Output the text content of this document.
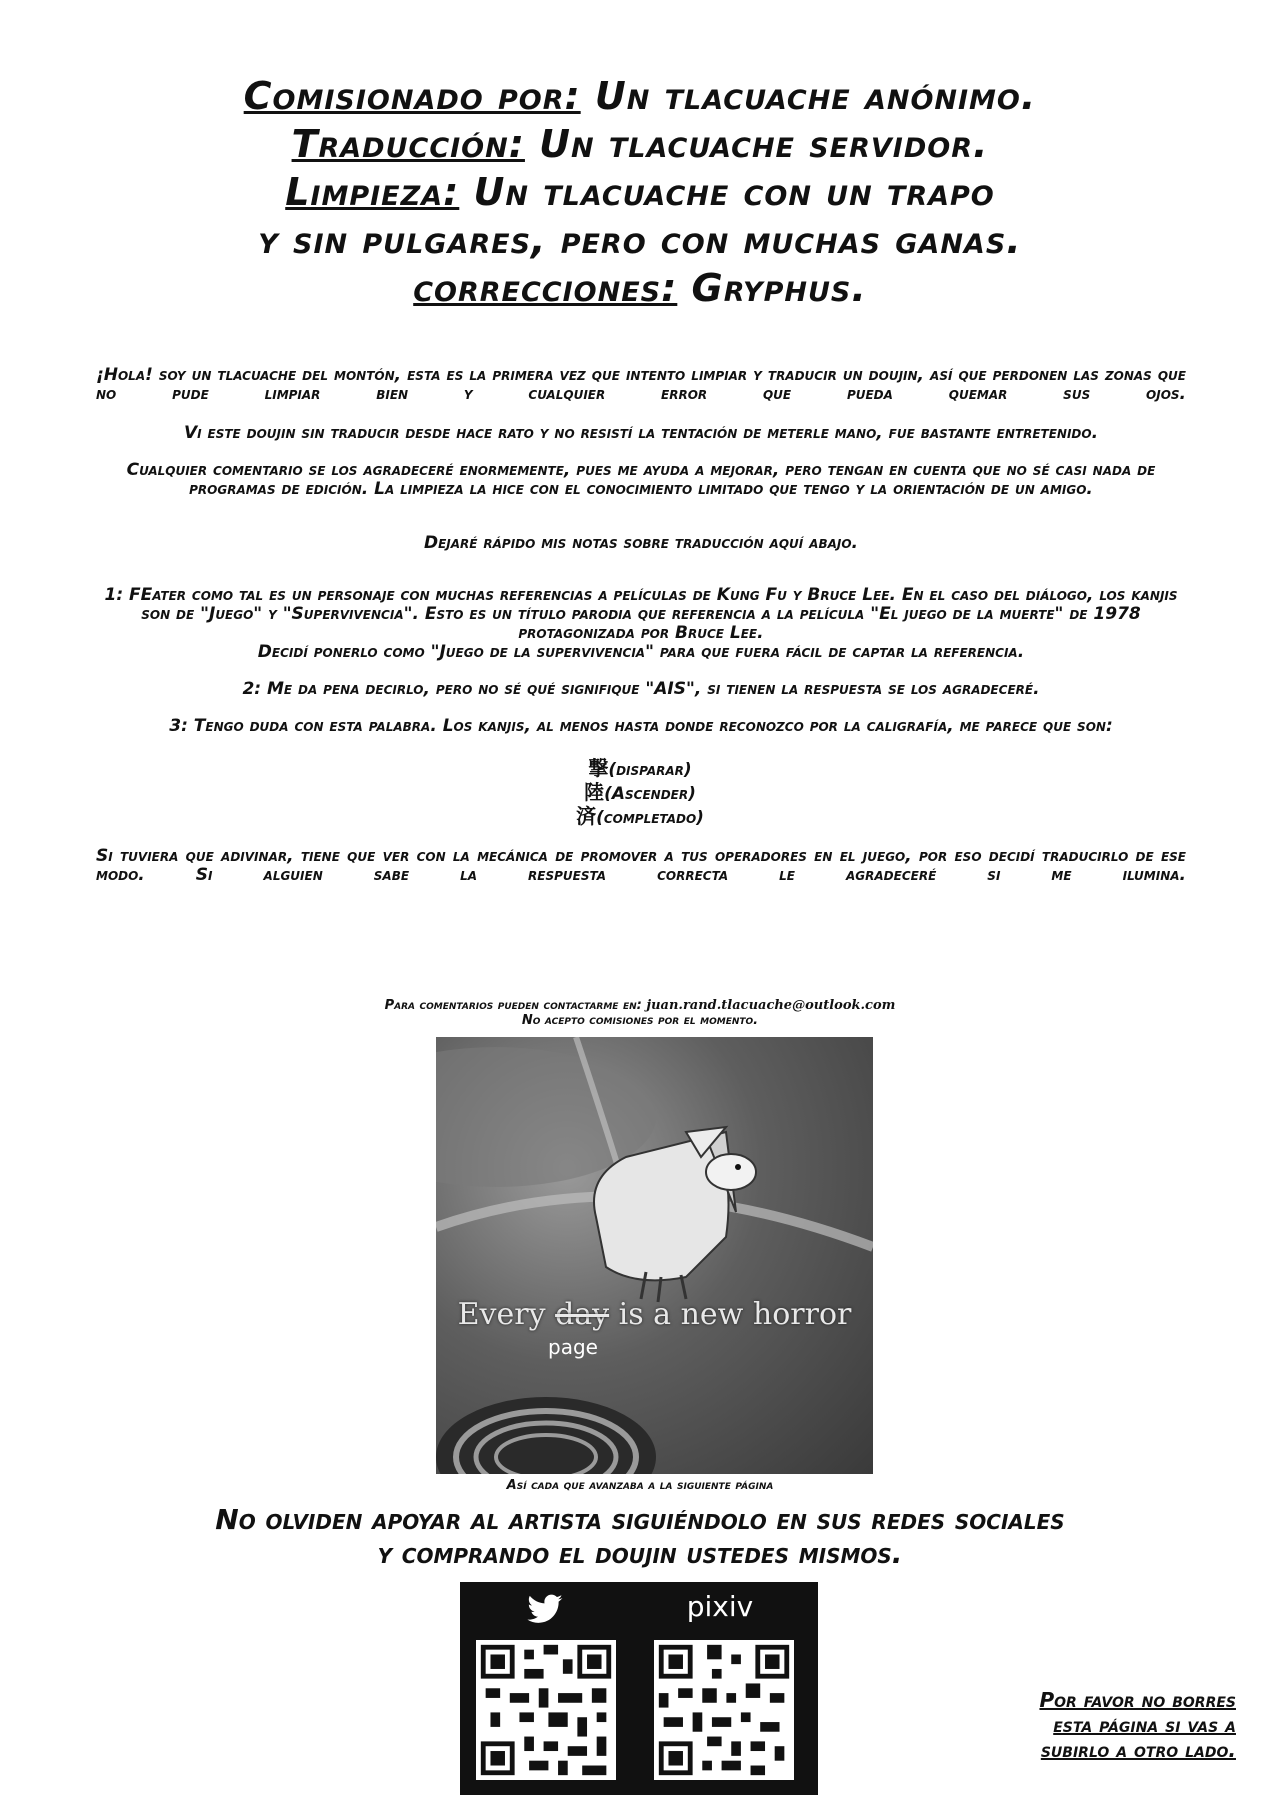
Comisionado por: Un tlacuache anónimo.
Traducción: Un tlacuache servidor.
Limpieza: Un tlacuache con un trapo
y sin pulgares, pero con muchas ganas.
correcciones: Gryphus.
¡Hola! soy un tlacuache del montón, esta es la primera vez que intento limpiar y traducir un doujin, así que perdonen las zonas que no pude limpiar bien y cualquier error que pueda quemar sus ojos.
Vi este doujin sin traducir desde hace rato y no resistí la tentación de meterle mano, fue bastante entretenido.
Cualquier comentario se los agradeceré enormemente, pues me ayuda a mejorar, pero tengan en cuenta que no sé casi nada de programas de edición. La limpieza la hice con el conocimiento limitado que tengo y la orientación de un amigo.
Dejaré rápido mis notas sobre traducción aquí abajo.
1: FEater como tal es un personaje con muchas referencias a películas de Kung Fu y Bruce Lee. En el caso del diálogo, los kanjis son de "Juego" y "Supervivencia". Esto es un título parodia que referencia a la película "El juego de la muerte" de 1978 protagonizada por Bruce Lee.
Decidí ponerlo como "Juego de la supervivencia" para que fuera fácil de captar la referencia.
2: Me da pena decirlo, pero no sé qué signifique "AIS", si tienen la respuesta se los agradeceré.
3: Tengo duda con esta palabra. Los kanjis, al menos hasta donde reconozco por la caligrafía, me parece que son:
撃(disparar)
陸(Ascender)
済(completado)
Si tuviera que adivinar, tiene que ver con la mecánica de promover a tus operadores en el juego, por eso decidí traducirlo de ese modo. Si alguien sabe la respuesta correcta le agradeceré si me ilumina.
Para comentarios pueden contactarme en: juan.rand.tlacuache@outlook.com
No acepto comisiones por el momento.
Every day is a new horror
page
Así cada que avanzaba a la siguiente página
No olviden apoyar al artista siguiéndolo en sus redes sociales
y comprando el doujin ustedes mismos.
pixiv
Por favor no borres
esta página si vas a
subirlo a otro lado.
